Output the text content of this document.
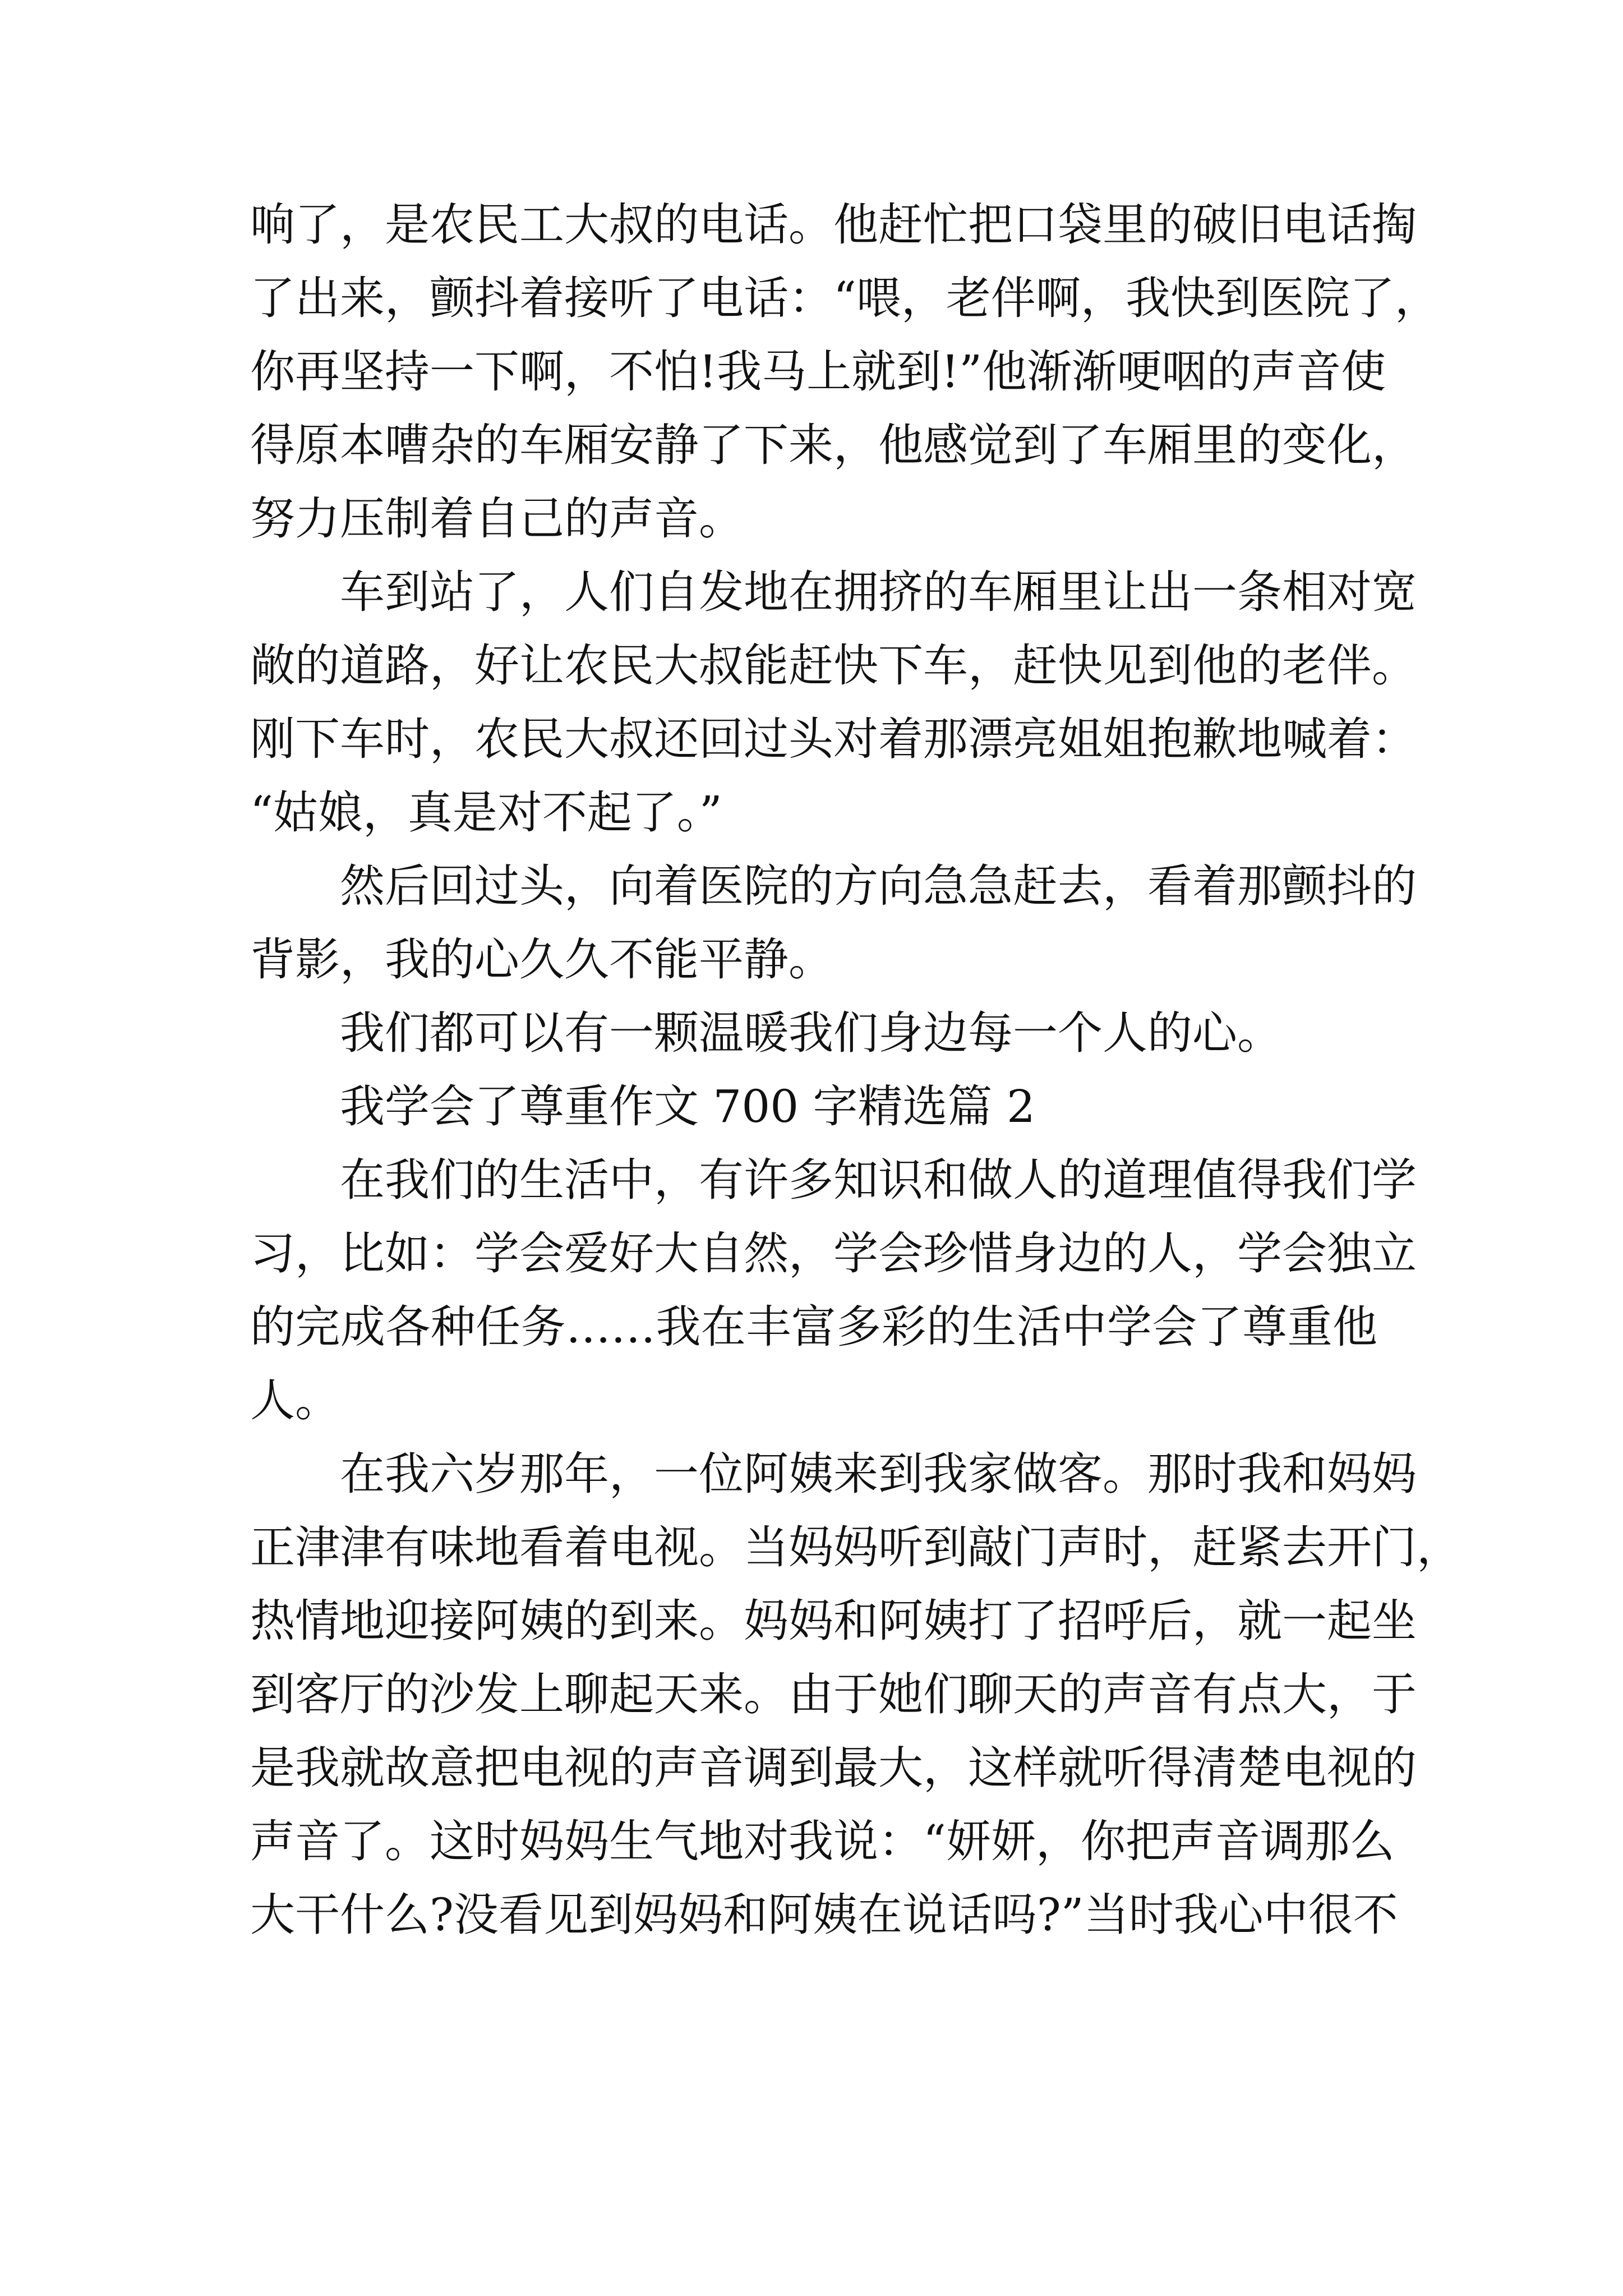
响了，是农民工大叔的电话。他赶忙把口袋里的破旧电话掏
了出来，颤抖着接听了电话：“喂，老伴啊，我快到医院了，
你再坚持一下啊，不怕!我马上就到!”他渐渐哽咽的声音使
得原本嘈杂的车厢安静了下来，他感觉到了车厢里的变化，
努力压制着自己的声音。
车到站了，人们自发地在拥挤的车厢里让出一条相对宽
敞的道路，好让农民大叔能赶快下车，赶快见到他的老伴。
刚下车时，农民大叔还回过头对着那漂亮姐姐抱歉地喊着：
“姑娘，真是对不起了。”
然后回过头，向着医院的方向急急赶去，看着那颤抖的
背影，我的心久久不能平静。
我们都可以有一颗温暖我们身边每一个人的心。
我学会了尊重作文 700 字精选篇 2
在我们的生活中，有许多知识和做人的道理值得我们学
习，比如：学会爱好大自然，学会珍惜身边的人，学会独立
的完成各种任务……我在丰富多彩的生活中学会了尊重他
人。
在我六岁那年，一位阿姨来到我家做客。那时我和妈妈
正津津有味地看着电视。当妈妈听到敲门声时，赶紧去开门，
热情地迎接阿姨的到来。妈妈和阿姨打了招呼后，就一起坐
到客厅的沙发上聊起天来。由于她们聊天的声音有点大，于
是我就故意把电视的声音调到最大，这样就听得清楚电视的
声音了。这时妈妈生气地对我说：“妍妍，你把声音调那么
大干什么?没看见到妈妈和阿姨在说话吗?”当时我心中很不
